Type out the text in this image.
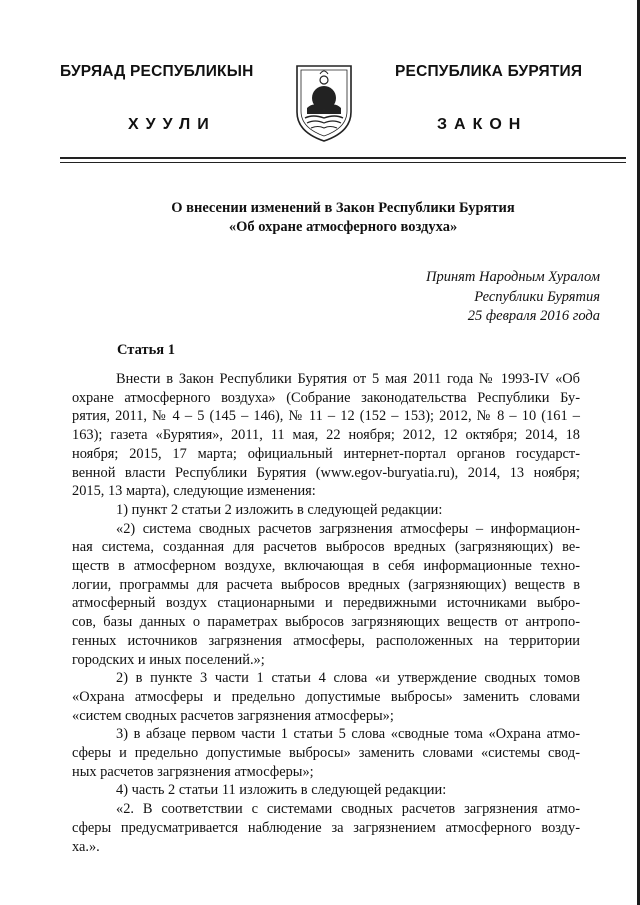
БУРЯАД РЕСПУБЛИКЫН
ХУУЛИ
РЕСПУБЛИКА БУРЯТИЯ
ЗАКОН
О внесении изменений в Закон Республики Бурятия
«Об охране атмосферного воздуха»
Принят Народным Хуралом
Республики Бурятия
25 февраля 2016 года
Статья 1
Внести в Закон Республики Бурятия от 5 мая 2011 года № 1993-IV «Об
охране атмосферного воздуха» (Собрание законодательства Республики Бу-
рятия, 2011, № 4 – 5 (145 – 146), № 11 – 12 (152 – 153); 2012, № 8 – 10 (161 –
163); газета «Бурятия», 2011, 11 мая, 22 ноября; 2012, 12 октября; 2014, 18
ноября; 2015, 17 марта; официальный интернет-портал органов государст-
венной власти Республики Бурятия (www.egov-buryatia.ru), 2014, 13 ноября;
2015, 13 марта), следующие изменения:
1) пункт 2 статьи 2 изложить в следующей редакции:
«2) система сводных расчетов загрязнения атмосферы – информацион-
ная система, созданная для расчетов выбросов вредных (загрязняющих) ве-
ществ в атмосферном воздухе, включающая в себя информационные техно-
логии, программы для расчета выбросов вредных (загрязняющих) веществ в
атмосферный воздух стационарными и передвижными источниками выбро-
сов, базы данных о параметрах выбросов загрязняющих веществ от антропо-
генных источников загрязнения атмосферы, расположенных на территории
городских и иных поселений.»;
2) в пункте 3 части 1 статьи 4 слова «и утверждение сводных томов
«Охрана атмосферы и предельно допустимые выбросы» заменить словами
«систем сводных расчетов загрязнения атмосферы»;
3) в абзаце первом части 1 статьи 5 слова «сводные тома «Охрана атмо-
сферы и предельно допустимые выбросы» заменить словами «системы свод-
ных расчетов загрязнения атмосферы»;
4) часть 2 статьи 11 изложить в следующей редакции:
«2. В соответствии с системами сводных расчетов загрязнения атмо-
сферы предусматривается наблюдение за загрязнением атмосферного возду-
ха.».
